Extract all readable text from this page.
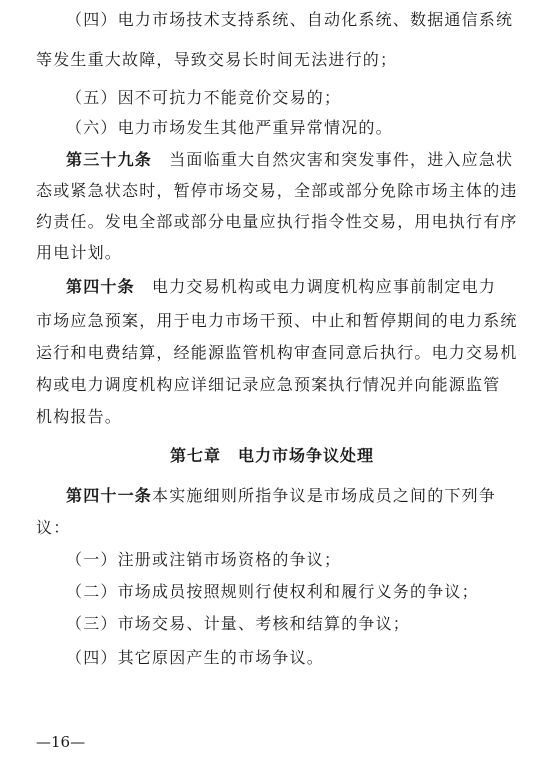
（四）电力市场技术支持系统、自动化系统、数据通信系统
等发生重大故障，导致交易长时间无法进行的；
（五）因不可抗力不能竞价交易的；
（六）电力市场发生其他严重异常情况的。
第三十九条　当面临重大自然灾害和突发事件，进入应急状
态或紧急状态时，暂停市场交易，全部或部分免除市场主体的违
约责任。发电全部或部分电量应执行指令性交易，用电执行有序
用电计划。
第四十条　电力交易机构或电力调度机构应事前制定电力
市场应急预案，用于电力市场干预、中止和暂停期间的电力系统
运行和电费结算，经能源监管机构审查同意后执行。电力交易机
构或电力调度机构应详细记录应急预案执行情况并向能源监管
机构报告。
第七章　电力市场争议处理
第四十一条本实施细则所指争议是市场成员之间的下列争
议：
（一）注册或注销市场资格的争议；
（二）市场成员按照规则行使权利和履行义务的争议；
（三）市场交易、计量、考核和结算的争议；
（四）其它原因产生的市场争议。
—16—
